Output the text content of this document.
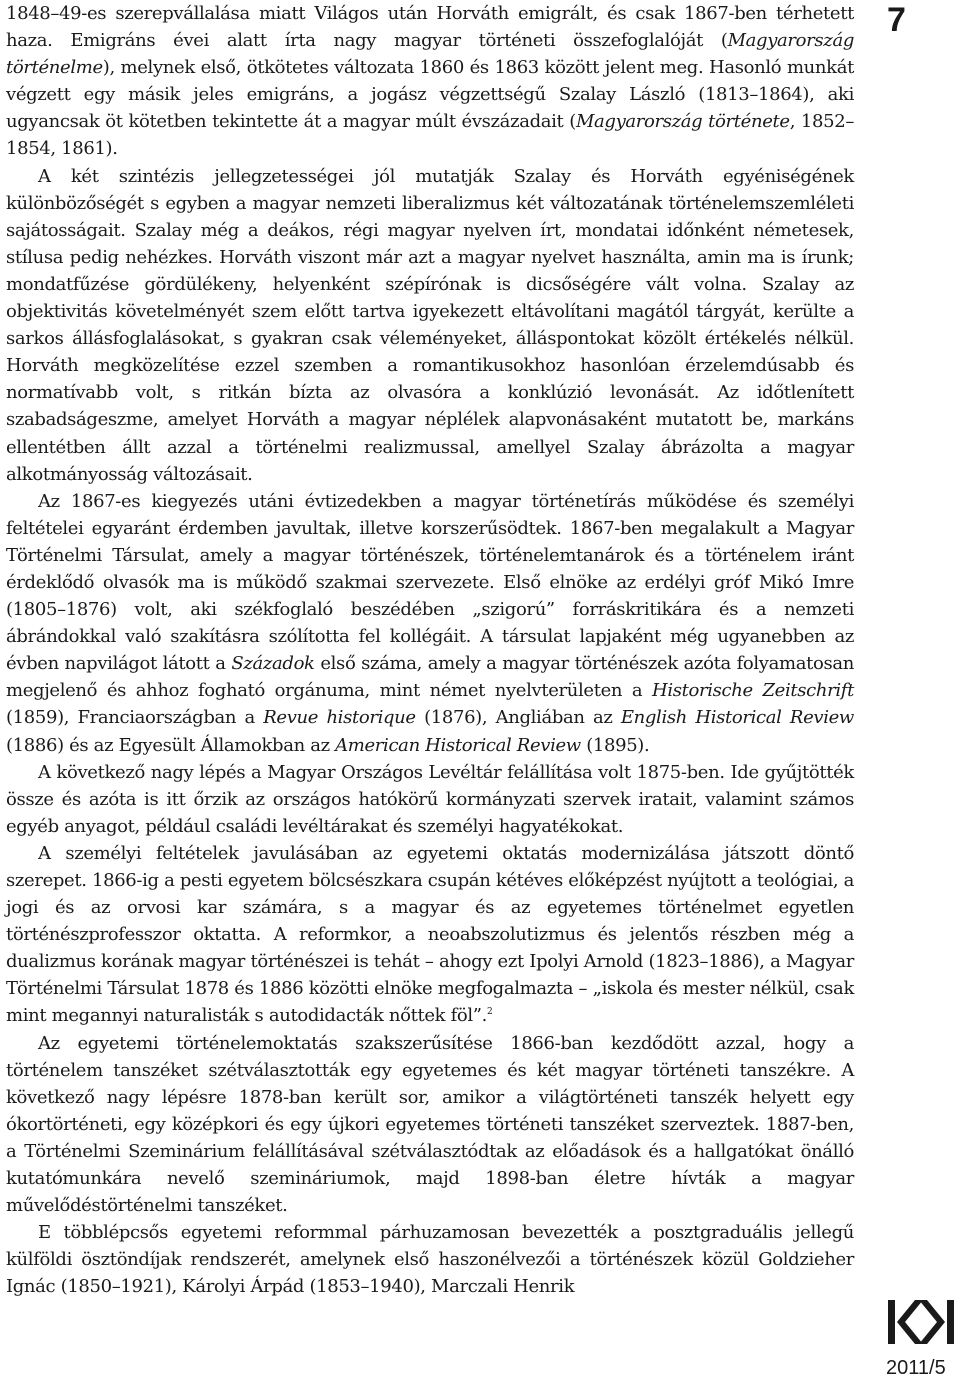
7

1848–49-es szerepvállalása miatt Világos után Horváth emigrált, és csak 1867-ben térhetett haza. Emigráns évei alatt írta nagy magyar történeti összefoglalóját (Magyarország történelme), melynek első, ötkötetes változata 1860 és 1863 között jelent meg. Hasonló munkát végzett egy másik jeles emigráns, a jogász végzettségű Szalay László (1813–1864), aki ugyancsak öt kötetben tekintette át a magyar múlt évszázadait (Magyarország története, 1852–1854, 1861).

A két szintézis jellegzetességei jól mutatják Szalay és Horváth egyéniségének különbözőségét s egyben a magyar nemzeti liberalizmus két változatának történelemszemléleti sajátosságait. Szalay még a deákos, régi magyar nyelven írt, mondatai időnként németesek, stílusa pedig nehézkes. Horváth viszont már azt a magyar nyelvet használta, amin ma is írunk; mondatfűzése gördülékeny, helyenként szépírónak is dicsőségére vált volna. Szalay az objektivitás követelményét szem előtt tartva igyekezett eltávolítani magától tárgyát, kerülte a sarkos állásfoglalásokat, s gyakran csak véleményeket, álláspontokat közölt értékelés nélkül. Horváth megközelítése ezzel szemben a romantikusokhoz hasonlóan érzelemdúsabb és normatívabb volt, s ritkán bízta az olvasóra a konklúzió levonását. Az időtlenített szabadságeszme, amelyet Horváth a magyar néplélek alapvonásaként mutatott be, markáns ellentétben állt azzal a történelmi realizmussal, amellyel Szalay ábrázolta a magyar alkotmányosság változásait.

Az 1867-es kiegyezés utáni évtizedekben a magyar történetírás működése és személyi feltételei egyaránt érdemben javultak, illetve korszerűsödtek. 1867-ben megalakult a Magyar Történelmi Társulat, amely a magyar történészek, történelemtanárok és a történelem iránt érdeklődő olvasók ma is működő szakmai szervezete. Első elnöke az erdélyi gróf Mikó Imre (1805–1876) volt, aki székfoglaló beszédében „szigorú” forráskritikára és a nemzeti ábrándokkal való szakításra szólította fel kollégáit. A társulat lapjaként még ugyanebben az évben napvilágot látott a Századok első száma, amely a magyar történészek azóta folyamatosan megjelenő és ahhoz fogható orgánuma, mint német nyelvterületen a Historische Zeitschrift (1859), Franciaországban a Revue historique (1876), Angliában az English Historical Review (1886) és az Egyesült Államokban az American Historical Review (1895).

A következő nagy lépés a Magyar Országos Levéltár felállítása volt 1875-ben. Ide gyűjtötték össze és azóta is itt őrzik az országos hatókörű kormányzati szervek iratait, valamint számos egyéb anyagot, például családi levéltárakat és személyi hagyatékokat.

A személyi feltételek javulásában az egyetemi oktatás modernizálása játszott döntő szerepet. 1866-ig a pesti egyetem bölcsészkara csupán kétéves előképzést nyújtott a teológiai, a jogi és az orvosi kar számára, s a magyar és az egyetemes történelmet egyetlen történészprofesszor oktatta. A reformkor, a neoabszolutizmus és jelentős részben még a dualizmus korának magyar történészei is tehát – ahogy ezt Ipolyi Arnold (1823–1886), a Magyar Történelmi Társulat 1878 és 1886 közötti elnöke megfogalmazta – „iskola és mester nélkül, csak mint megannyi naturalisták s autodidacták nőttek föl”.$^2$

Az egyetemi történelemoktatás szakszerűsítése 1866-ban kezdődött azzal, hogy a történelem tanszéket szétválasztották egy egyetemes és két magyar történeti tanszékre. A következő nagy lépésre 1878-ban került sor, amikor a világtörténeti tanszék helyett egy ókortörténeti, egy középkori és egy újkori egyetemes történeti tanszéket szerveztek. 1887-ben, a Történelmi Szeminárium felállításával szétválasztódtak az előadások és a hallgatókat önálló kutatómunkára nevelő szemináriumok, majd 1898-ban életre hívták a magyar művelődéstörténelmi tanszéket.

E többlépcsős egyetemi reformmal párhuzamosan bevezették a posztgraduális jellegű külföldi ösztöndíjak rendszerét, amelynek első haszonélvezői a történészek közül Goldzieher Ignác (1850–1921), Károlyi Árpád (1853–1940), Marczali Henrik

2011/5
